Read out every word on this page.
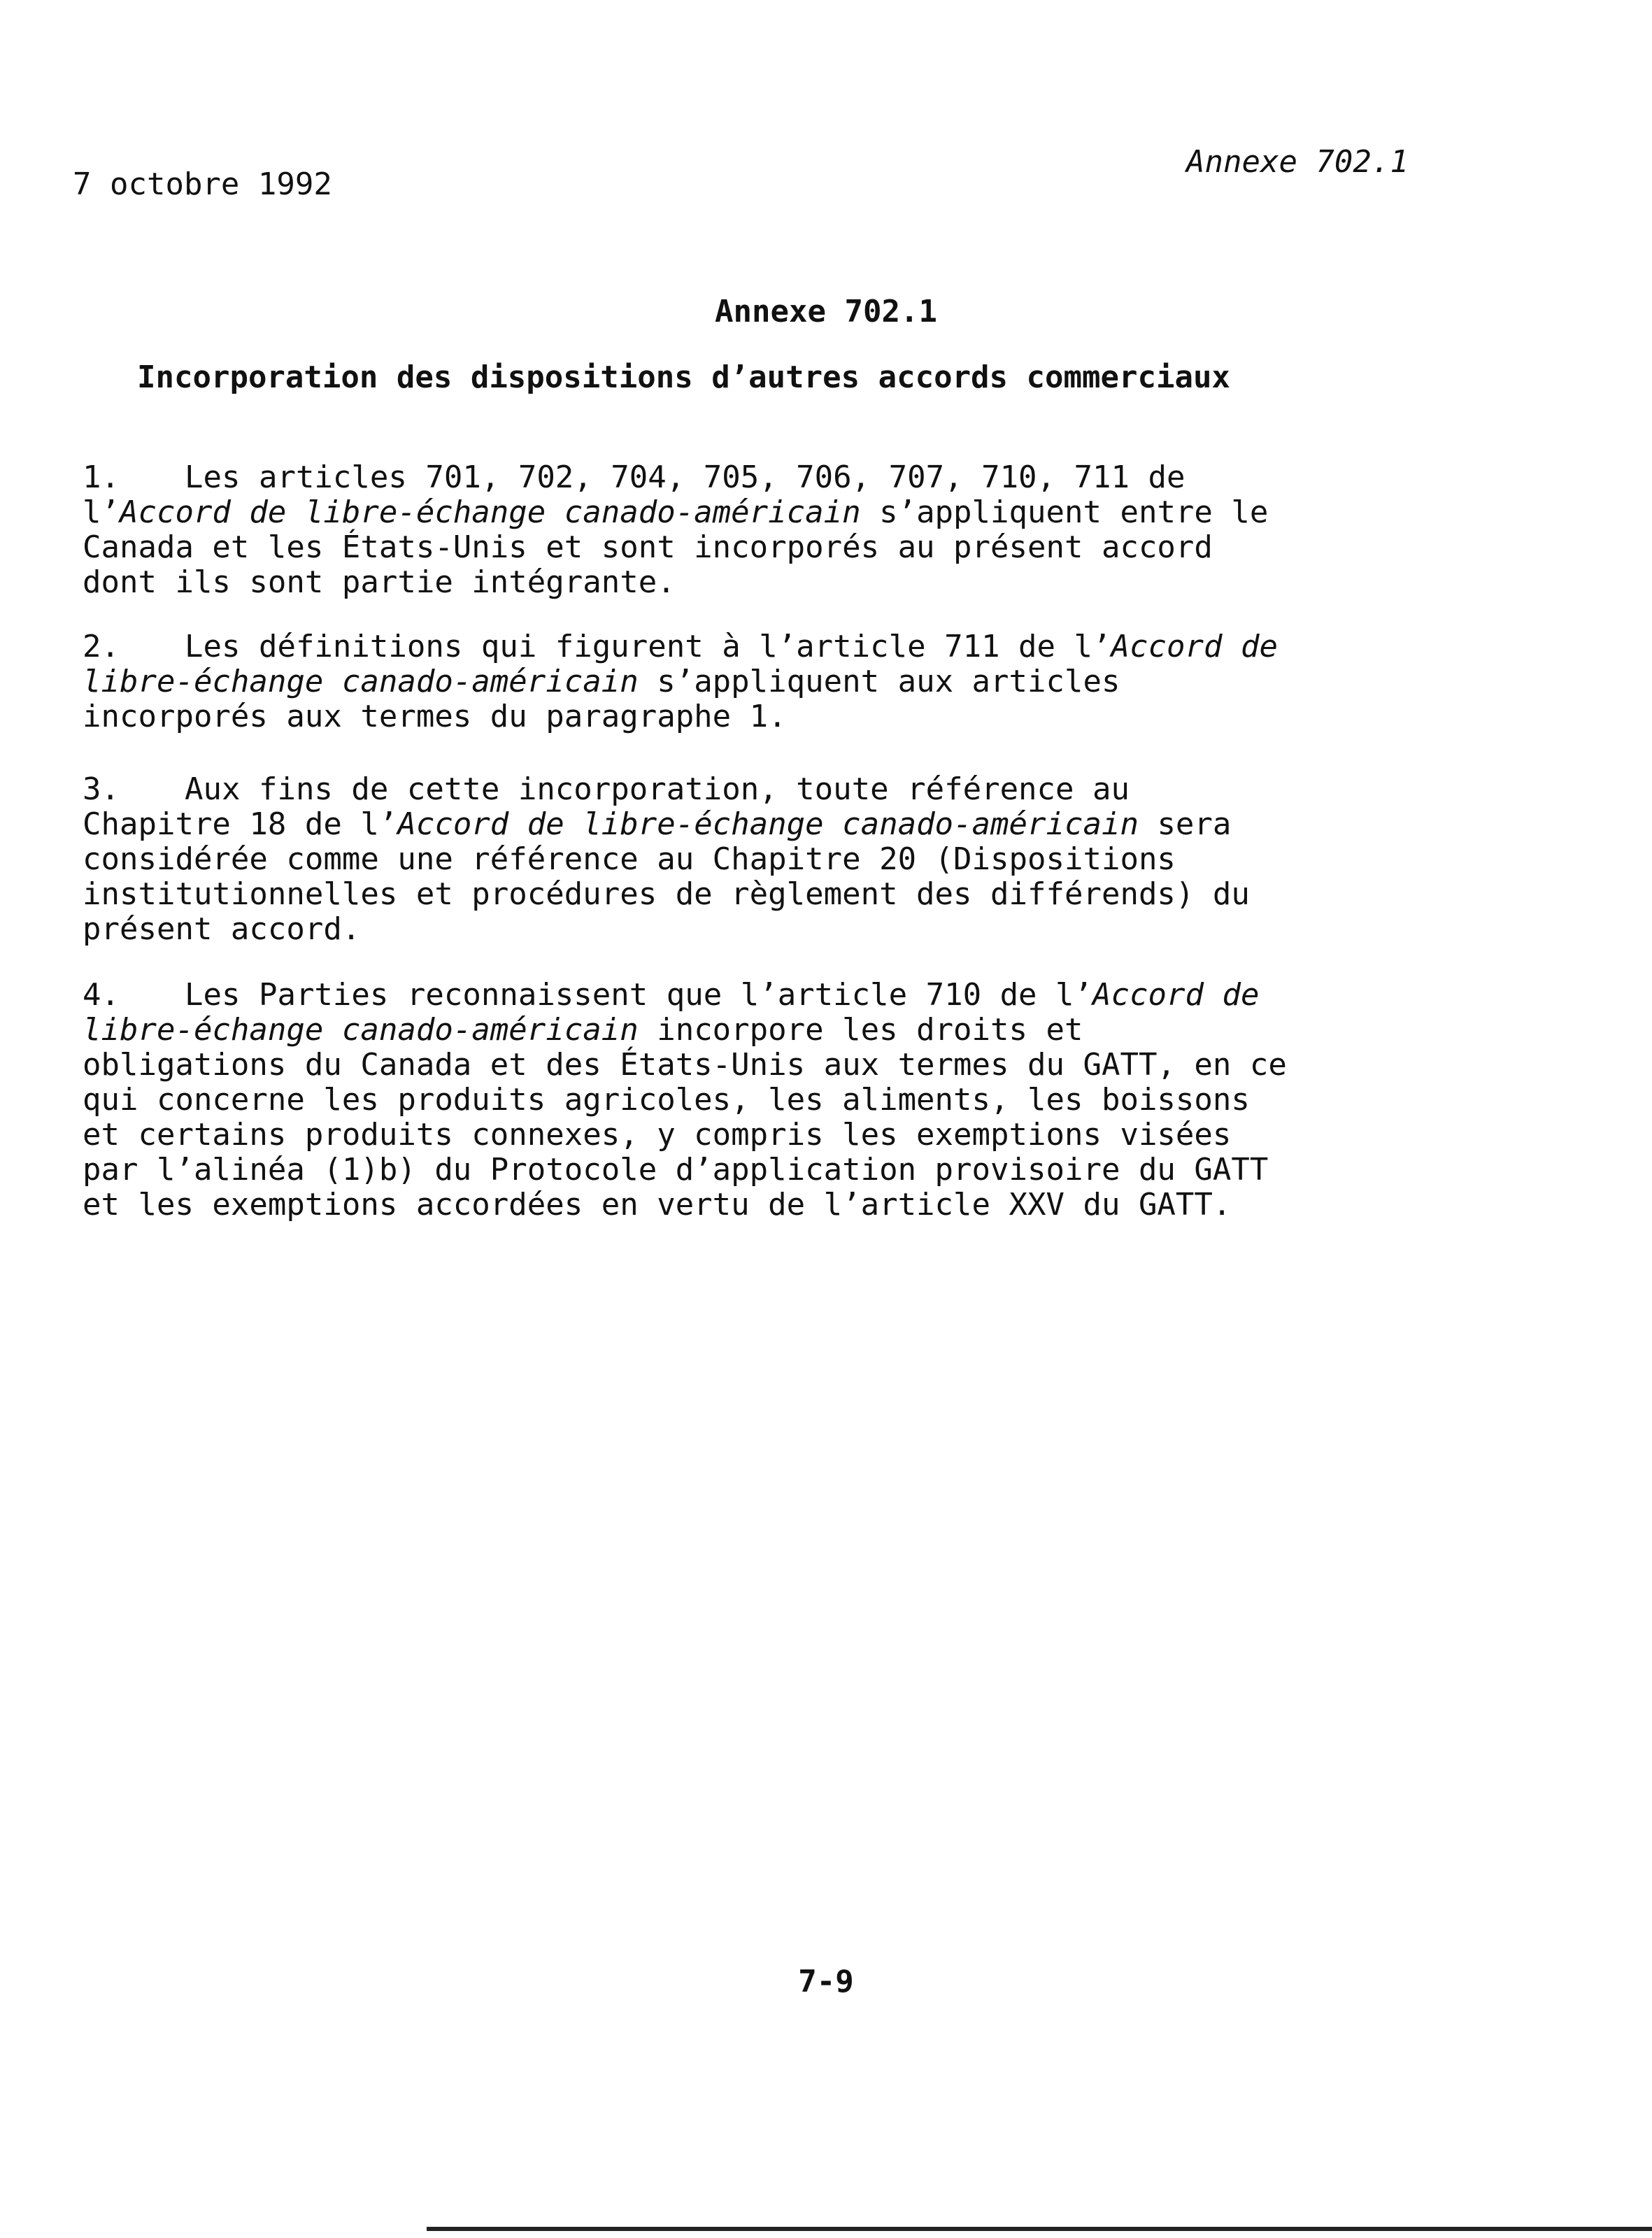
7 octobre 1992
Annexe 702.1
Annexe 702.1
Incorporation des dispositions d’autres accords commerciaux
1. Les articles 701, 702, 704, 705, 706, 707, 710, 711 de
l’Accord de libre-échange canado-américain s’appliquent entre le
Canada et les États-Unis et sont incorporés au présent accord
dont ils sont partie intégrante.
2. Les définitions qui figurent à l’article 711 de l’Accord de
libre-échange canado-américain s’appliquent aux articles
incorporés aux termes du paragraphe 1.
3. Aux fins de cette incorporation, toute référence au
Chapitre 18 de l’Accord de libre-échange canado-américain sera
considérée comme une référence au Chapitre 20 (Dispositions
institutionnelles et procédures de règlement des différends) du
présent accord.
4. Les Parties reconnaissent que l’article 710 de l’Accord de
libre-échange canado-américain incorpore les droits et
obligations du Canada et des États-Unis aux termes du GATT, en ce
qui concerne les produits agricoles, les aliments, les boissons
et certains produits connexes, y compris les exemptions visées
par l’alinéa (1)b) du Protocole d’application provisoire du GATT
et les exemptions accordées en vertu de l’article XXV du GATT.
7-9
